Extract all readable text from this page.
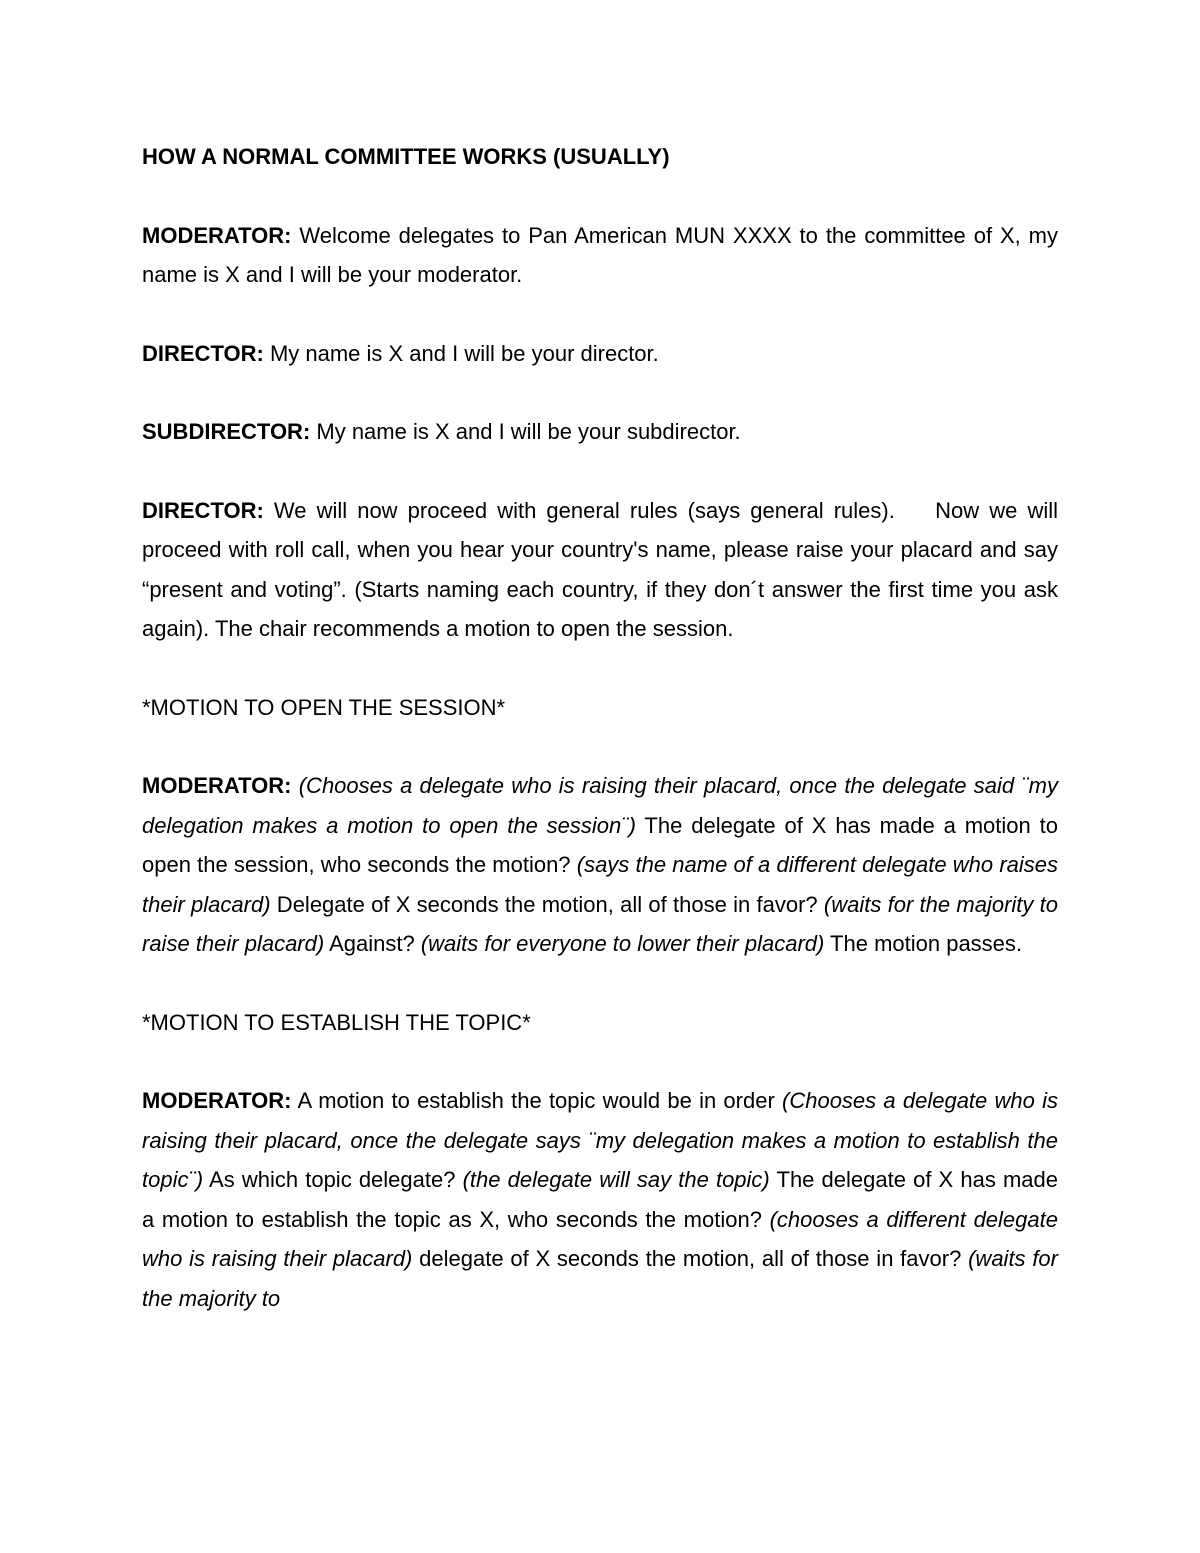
HOW A NORMAL COMMITTEE WORKS (USUALLY)

MODERATOR: Welcome delegates to Pan American MUN XXXX to the committee of X, my name is X and I will be your moderator.

DIRECTOR: My name is X and I will be your director.

SUBDIRECTOR: My name is X and I will be your subdirector.

DIRECTOR: We will now proceed with general rules (says general rules).    Now we will proceed with roll call, when you hear your country's name, please raise your placard and say “present and voting”. (Starts naming each country, if they don´t answer the first time you ask again). The chair recommends a motion to open the session.

*MOTION TO OPEN THE SESSION*

MODERATOR: (Chooses a delegate who is raising their placard, once the delegate said ¨my delegation makes a motion to open the session¨) The delegate of X has made a motion to open the session, who seconds the motion? (says the name of a different delegate who raises their placard) Delegate of X seconds the motion, all of those in favor? (waits for the majority to raise their placard) Against? (waits for everyone to lower their placard) The motion passes.

*MOTION TO ESTABLISH THE TOPIC*

MODERATOR: A motion to establish the topic would be in order (Chooses a delegate who is raising their placard, once the delegate says ¨my delegation makes a motion to establish the topic¨) As which topic delegate? (the delegate will say the topic) The delegate of X has made a motion to establish the topic as X, who seconds the motion? (chooses a different delegate who is raising their placard) delegate of X seconds the motion, all of those in favor? (waits for the majority to
